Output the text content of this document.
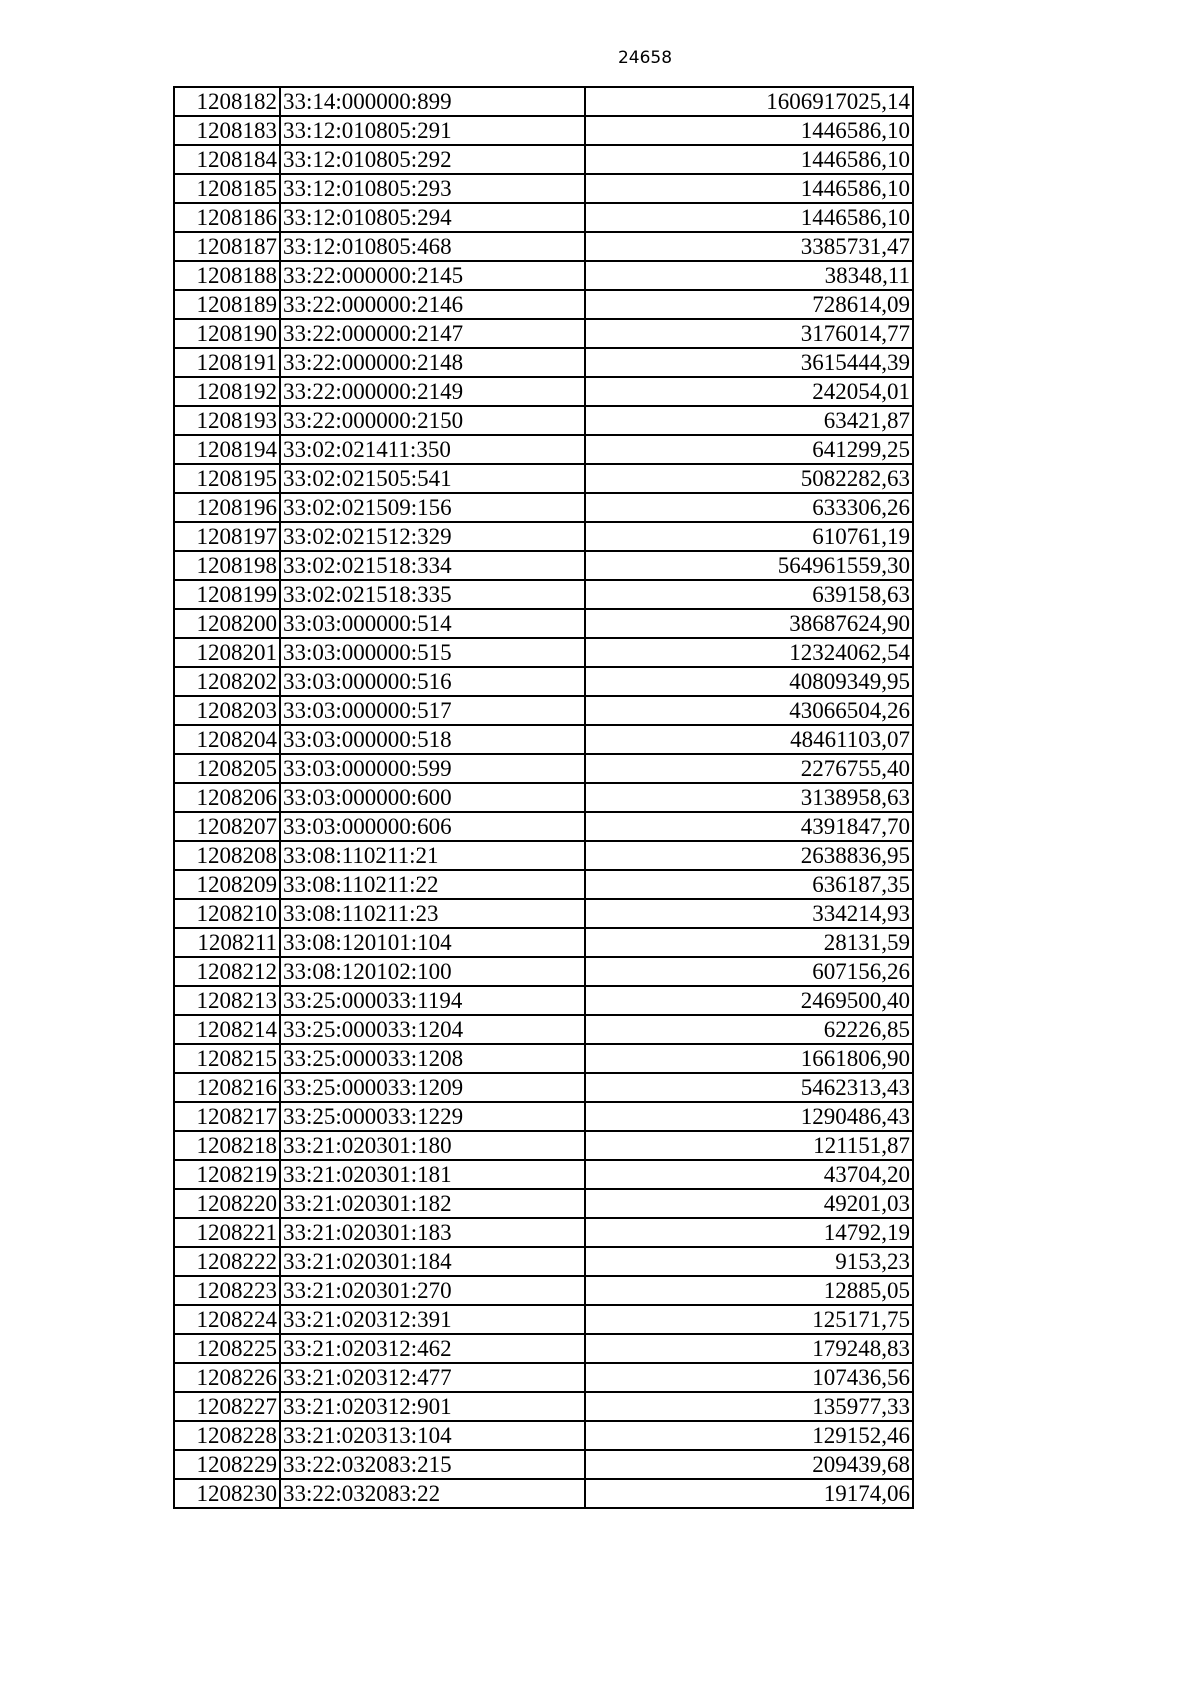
24658
1208182	33:14:000000:899	1606917025,14
1208183	33:12:010805:291	1446586,10
1208184	33:12:010805:292	1446586,10
1208185	33:12:010805:293	1446586,10
1208186	33:12:010805:294	1446586,10
1208187	33:12:010805:468	3385731,47
1208188	33:22:000000:2145	38348,11
1208189	33:22:000000:2146	728614,09
1208190	33:22:000000:2147	3176014,77
1208191	33:22:000000:2148	3615444,39
1208192	33:22:000000:2149	242054,01
1208193	33:22:000000:2150	63421,87
1208194	33:02:021411:350	641299,25
1208195	33:02:021505:541	5082282,63
1208196	33:02:021509:156	633306,26
1208197	33:02:021512:329	610761,19
1208198	33:02:021518:334	564961559,30
1208199	33:02:021518:335	639158,63
1208200	33:03:000000:514	38687624,90
1208201	33:03:000000:515	12324062,54
1208202	33:03:000000:516	40809349,95
1208203	33:03:000000:517	43066504,26
1208204	33:03:000000:518	48461103,07
1208205	33:03:000000:599	2276755,40
1208206	33:03:000000:600	3138958,63
1208207	33:03:000000:606	4391847,70
1208208	33:08:110211:21	2638836,95
1208209	33:08:110211:22	636187,35
1208210	33:08:110211:23	334214,93
1208211	33:08:120101:104	28131,59
1208212	33:08:120102:100	607156,26
1208213	33:25:000033:1194	2469500,40
1208214	33:25:000033:1204	62226,85
1208215	33:25:000033:1208	1661806,90
1208216	33:25:000033:1209	5462313,43
1208217	33:25:000033:1229	1290486,43
1208218	33:21:020301:180	121151,87
1208219	33:21:020301:181	43704,20
1208220	33:21:020301:182	49201,03
1208221	33:21:020301:183	14792,19
1208222	33:21:020301:184	9153,23
1208223	33:21:020301:270	12885,05
1208224	33:21:020312:391	125171,75
1208225	33:21:020312:462	179248,83
1208226	33:21:020312:477	107436,56
1208227	33:21:020312:901	135977,33
1208228	33:21:020313:104	129152,46
1208229	33:22:032083:215	209439,68
1208230	33:22:032083:22	19174,06
